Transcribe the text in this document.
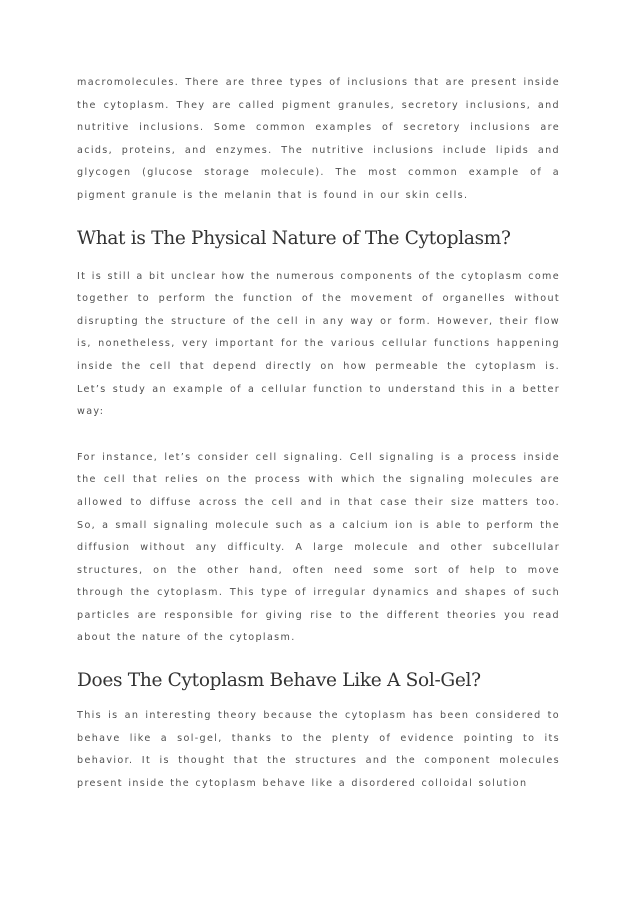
macromolecules. There are three types of inclusions that are present inside the cytoplasm. They are called pigment granules, secretory inclusions, and nutritive inclusions. Some common examples of secretory inclusions are acids, proteins, and enzymes. The nutritive inclusions include lipids and glycogen (glucose storage molecule). The most common example of a pigment granule is the melanin that is found in our skin cells.

What is The Physical Nature of The Cytoplasm?

It is still a bit unclear how the numerous components of the cytoplasm come together to perform the function of the movement of organelles without disrupting the structure of the cell in any way or form. However, their flow is, nonetheless, very important for the various cellular functions happening inside the cell that depend directly on how permeable the cytoplasm is. Let’s study an example of a cellular function to understand this in a better way:

For instance, let’s consider cell signaling. Cell signaling is a process inside the cell that relies on the process with which the signaling molecules are allowed to diffuse across the cell and in that case their size matters too. So, a small signaling molecule such as a calcium ion is able to perform the diffusion without any difficulty. A large molecule and other subcellular structures, on the other hand, often need some sort of help to move through the cytoplasm. This type of irregular dynamics and shapes of such particles are responsible for giving rise to the different theories you read about the nature of the cytoplasm.

Does The Cytoplasm Behave Like A Sol-Gel?

This is an interesting theory because the cytoplasm has been considered to behave like a sol-gel, thanks to the plenty of evidence pointing to its behavior. It is thought that the structures and the component molecules present inside the cytoplasm behave like a disordered colloidal solution
